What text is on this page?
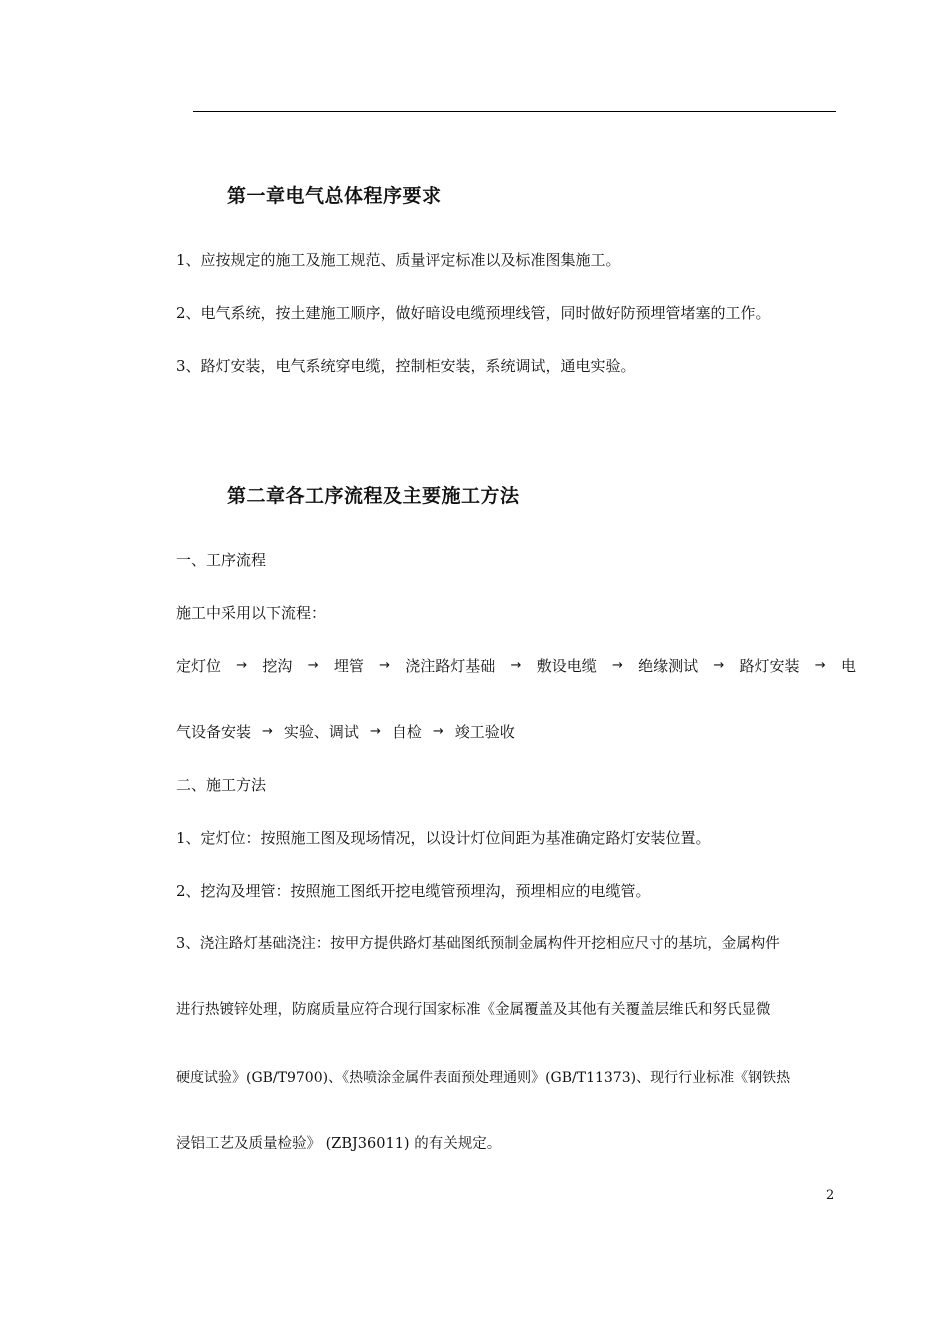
第一章电气总体程序要求
1、应按规定的施工及施工规范、质量评定标准以及标准图集施工。
2、电气系统，按土建施工顺序，做好暗设电缆预埋线管，同时做好防预埋管堵塞的工作。
3、路灯安装，电气系统穿电缆，控制柜安装，系统调试，通电实验。
第二章各工序流程及主要施工方法
一、工序流程
施工中采用以下流程：
定灯位 → 挖沟 → 埋管 → 浇注路灯基础 → 敷设电缆 → 绝缘测试 → 路灯安装 → 电
气设备安装 → 实验、调试 → 自检 → 竣工验收
二、施工方法
1、定灯位：按照施工图及现场情况，以设计灯位间距为基准确定路灯安装位置。
2、挖沟及埋管：按照施工图纸开挖电缆管预埋沟，预埋相应的电缆管。
3、浇注路灯基础浇注：按甲方提供路灯基础图纸预制金属构件开挖相应尺寸的基坑，金属构件
进行热镀锌处理，防腐质量应符合现行国家标准《金属覆盖及其他有关覆盖层维氏和努氏显微
硬度试验》(GB/T9700)、《热喷涂金属件表面预处理通则》(GB/T11373)、现行行业标准《钢铁热
浸铝工艺及质量检验》 (ZBJ36011) 的有关规定。
2
